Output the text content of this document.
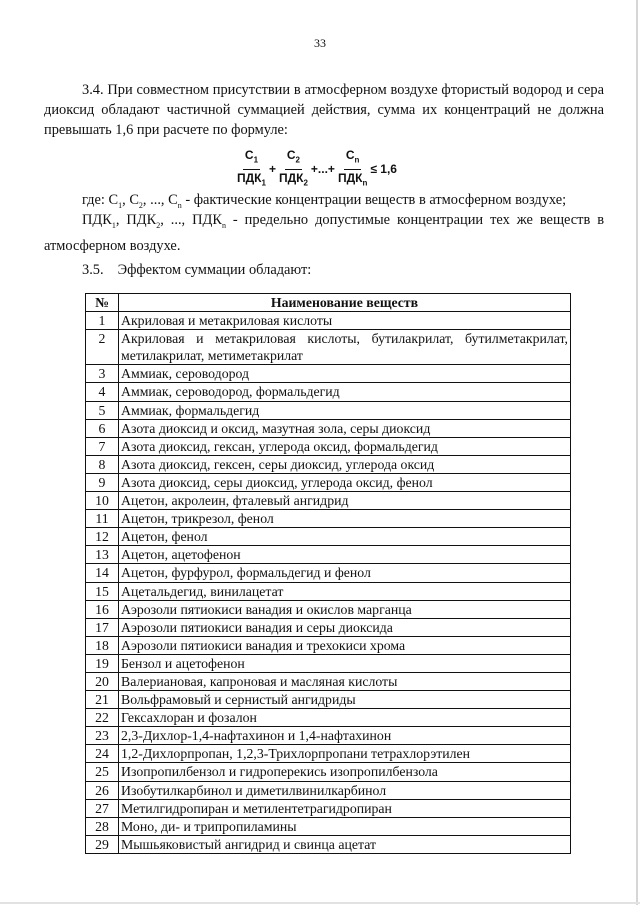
33

3.4. При совместном присутствии в атмосферном воздухе фтористый водород и сера диоксид обладают частичной суммацией действия, сумма их концентраций не должна превышать 1,6 при расчете по формуле:

$\frac{С_1}{ПДК_1} + \frac{С_2}{ПДК_2}$ +...+ $\frac{С_n}{ПДК_n} \le 1,6$

где: $С_1$, $С_2$, ..., $С_n$ - фактические концентрации веществ в атмосферном воздухе;

$ПДК_1$, $ПДК_2$, ..., $ПДК_n$ - предельно допустимые концентрации тех же веществ в атмосферном воздухе.

3.5. Эффектом суммации обладают:

№	Наименование веществ
1	Акриловая и метакриловая кислоты
2	Акриловая и метакриловая кислоты, бутилакрилат, бутилметакрилат, метилакрилат, метиметакрилат
3	Аммиак, сероводород
4	Аммиак, сероводород, формальдегид
5	Аммиак, формальдегид
6	Азота диоксид и оксид, мазутная зола, серы диоксид
7	Азота диоксид, гексан, углерода оксид, формальдегид
8	Азота диоксид, гексен, серы диоксид, углерода оксид
9	Азота диоксид, серы диоксид, углерода оксид, фенол
10	Ацетон, акролеин, фталевый ангидрид
11	Ацетон, трикрезол, фенол
12	Ацетон, фенол
13	Ацетон, ацетофенон
14	Ацетон, фурфурол, формальдегид и фенол
15	Ацетальдегид, винилацетат
16	Аэрозоли пятиокиси ванадия и окислов марганца
17	Аэрозоли пятиокиси ванадия и серы диоксида
18	Аэрозоли пятиокиси ванадия и трехокиси хрома
19	Бензол и ацетофенон
20	Валериановая, капроновая и масляная кислоты
21	Вольфрамовый и сернистый ангидриды
22	Гексахлоран и фозалон
23	2,3-Дихлор-1,4-нафтахинон и 1,4-нафтахинон
24	1,2-Дихлорпропан, 1,2,3-Трихлорпропани тетрахлорэтилен
25	Изопропилбензол и гидроперекись изопропилбензола
26	Изобутилкарбинол и диметилвинилкарбинол
27	Метилгидропиран и метилентетрагидропиран
28	Моно, ди- и трипропиламины
29	Мышьяковистый ангидрид и свинца ацетат
